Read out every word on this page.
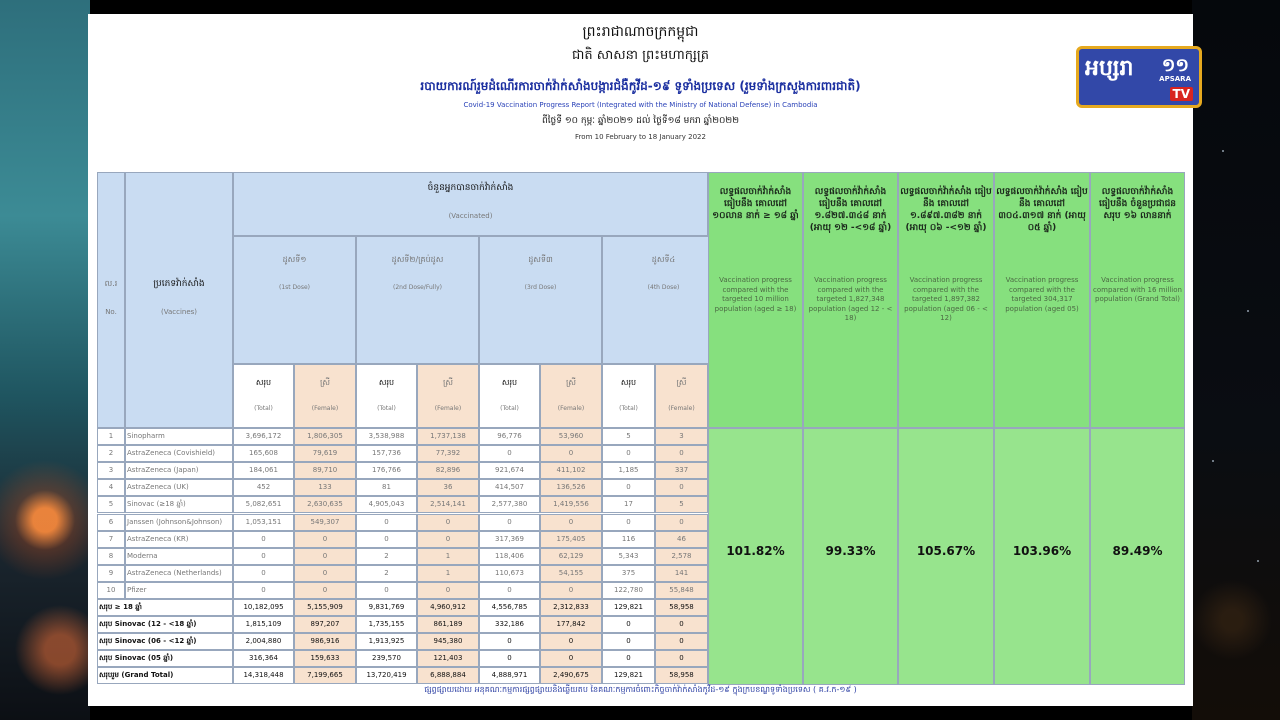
ព្រះរាជាណាចក្រកម្ពុជា
ជាតិ សាសនា ព្រះមហាក្សត្រ
របាយការណ៍រួមដំណើរការចាក់វ៉ាក់សាំងបង្ការជំងឺកូវីដ-១៩ ទូទាំងប្រទេស (រួមទាំងក្រសួងការពារជាតិ)
Covid-19 Vaccination Progress Report (Integrated with the Ministry of National Defense) in Cambodia
ពីថ្ងៃទី ១០ កុម្ភៈ ឆ្នាំ២០២១ ដល់ ថ្ងៃទី១៨ មករា ឆ្នាំ២០២២
From 10 February to 18 January 2022
ល.រ
No.
ប្រភេទវ៉ាក់សាំង
(Vaccines)
ចំនួនអ្នកបានចាក់វ៉ាក់សាំង
(Vaccinated)
ដូសទី១
(1st Dose)
ដូសទី២/គ្រប់ដូស
(2nd Dose/Fully)
ដូសទី៣
(3rd Dose)
ដូសទី៤
(4th Dose)
សរុប
(Total)
ស្រី
(Female)
សរុប
(Total)
ស្រី
(Female)
សរុប
(Total)
ស្រី
(Female)
សរុប
(Total)
ស្រី
(Female)
លទ្ធផលចាក់វ៉ាក់សាំង ធៀបនឹង គោលដៅ ១០លាន នាក់ ≥ ១៨ ឆ្នាំ
Vaccination progress compared with the targeted 10 million population (aged ≥ 18)
លទ្ធផលចាក់វ៉ាក់សាំង ធៀបនឹង គោលដៅ ១.៨២៧.៣៤៨ នាក់ (អាយុ ១២ -<១៨ ឆ្នាំ)
Vaccination progress compared with the targeted 1,827,348 population (aged 12 - < 18)
លទ្ធផលចាក់វ៉ាក់សាំង ធៀបនឹង គោលដៅ ១.៨៩៧.៣៨២ នាក់ (អាយុ ០៦ -<១២ ឆ្នាំ)
Vaccination progress compared with the targeted 1,897,382 population (aged 06 - < 12)
លទ្ធផលចាក់វ៉ាក់សាំង ធៀបនឹង គោលដៅ ៣០៤.៣១៧ នាក់ (អាយុ ០៥ ឆ្នាំ)
Vaccination progress compared with the targeted 304,317 population (aged 05)
លទ្ធផលចាក់វ៉ាក់សាំង ធៀបនឹង ចំនួនប្រជាជន សរុប ១៦ លាននាក់
Vaccination progress compared with 16 million population (Grand Total)
1	Sinopharm	3,696,172	1,806,305	3,538,988	1,737,138	96,776	53,960	5	3
2	AstraZeneca (Covishield)	165,608	79,619	157,736	77,392	0	0	0	0
3	AstraZeneca (Japan)	184,061	89,710	176,766	82,896	921,674	411,102	1,185	337
4	AstraZeneca (UK)	452	133	81	36	414,507	136,526	0	0
5	Sinovac (≥18 ឆ្នាំ)	5,082,651	2,630,635	4,905,043	2,514,141	2,577,380	1,419,556	17	5
6	Janssen (Johnson&Johnson)	1,053,151	549,307	0	0	0	0	0	0
7	AstraZeneca (KR)	0	0	0	0	317,369	175,405	116	46
8	Moderna	0	0	2	1	118,406	62,129	5,343	2,578
9	AstraZeneca (Netherlands)	0	0	2	1	110,673	54,155	375	141
10	Pfizer	0	0	0	0	0	0	122,780	55,848
សរុប ≥ 18 ឆ្នាំ	10,182,095	5,155,909	9,831,769	4,960,912	4,556,785	2,312,833	129,821	58,958
សរុប Sinovac (12 - <18 ឆ្នាំ)	1,815,109	897,207	1,735,155	861,189	332,186	177,842	0	0
សរុប Sinovac (06 - <12 ឆ្នាំ)	2,004,880	986,916	1,913,925	945,380	0	0	0	0
សរុប Sinovac (05 ឆ្នាំ)	316,364	159,633	239,570	121,403	0	0	0	0
សរុបរួម (Grand Total)	14,318,448	7,199,665	13,720,419	6,888,884	4,888,971	2,490,675	129,821	58,958
101.82%	99.33%	105.67%	103.96%	89.49%
ផ្សព្វផ្សាយដោយ អនុគណៈកម្មការផ្សព្វផ្សាយនិងឆ្លើយតប នៃគណៈកម្មការចំពោះកិច្ចចាក់វ៉ាក់សាំងកូវីដ-១៩ ក្នុងក្របខណ្ឌទូទាំងប្រទេស ( គ.វ.ក-១៩ )
អប្សរា ១១
APSARA
TV
